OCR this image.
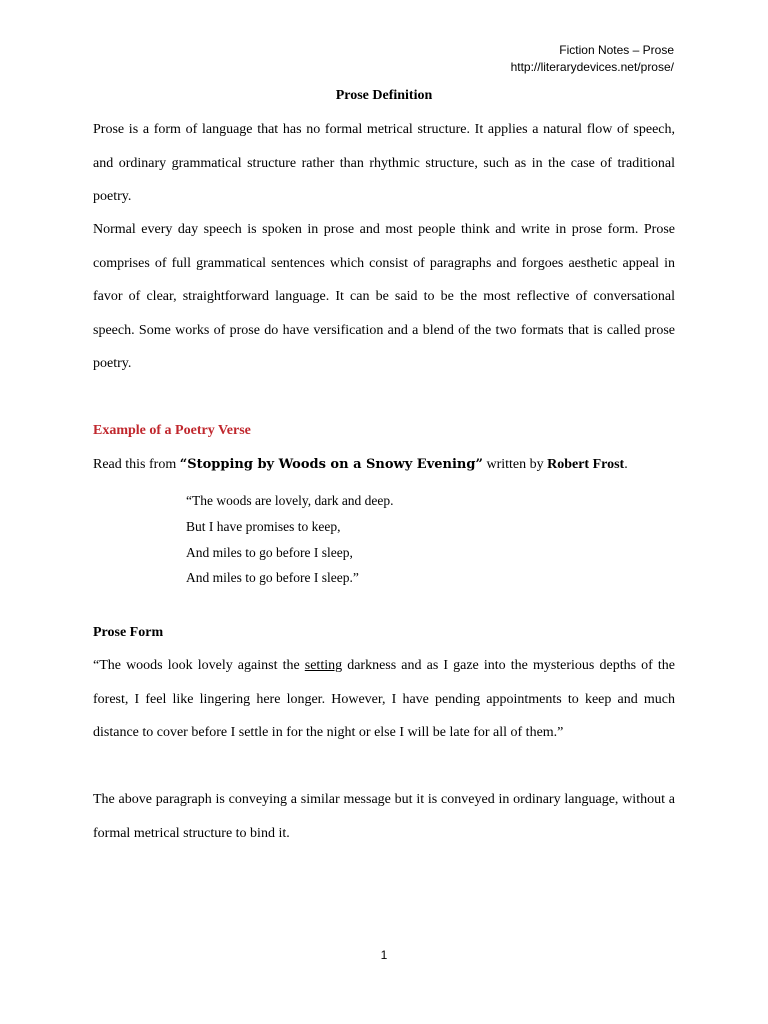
Fiction Notes – Prose
http://literarydevices.net/prose/
Prose Definition

Prose is a form of language that has no formal metrical structure. It applies a natural flow of speech, and ordinary grammatical structure rather than rhythmic structure, such as in the case of traditional poetry.

Normal every day speech is spoken in prose and most people think and write in prose form. Prose comprises of full grammatical sentences which consist of paragraphs and forgoes aesthetic appeal in favor of clear, straightforward language. It can be said to be the most reflective of conversational speech. Some works of prose do have versification and a blend of the two formats that is called prose poetry.

Example of a Poetry Verse
Read this from “Stopping by Woods on a Snowy Evening” written by Robert Frost.
“The woods are lovely, dark and deep.
But I have promises to keep,
And miles to go before I sleep,
And miles to go before I sleep.”
Prose Form

“The woods look lovely against the setting darkness and as I gaze into the mysterious depths of the forest, I feel like lingering here longer. However, I have pending appointments to keep and much distance to cover before I settle in for the night or else I will be late for all of them.”

The above paragraph is conveying a similar message but it is conveyed in ordinary language, without a formal metrical structure to bind it.

1
